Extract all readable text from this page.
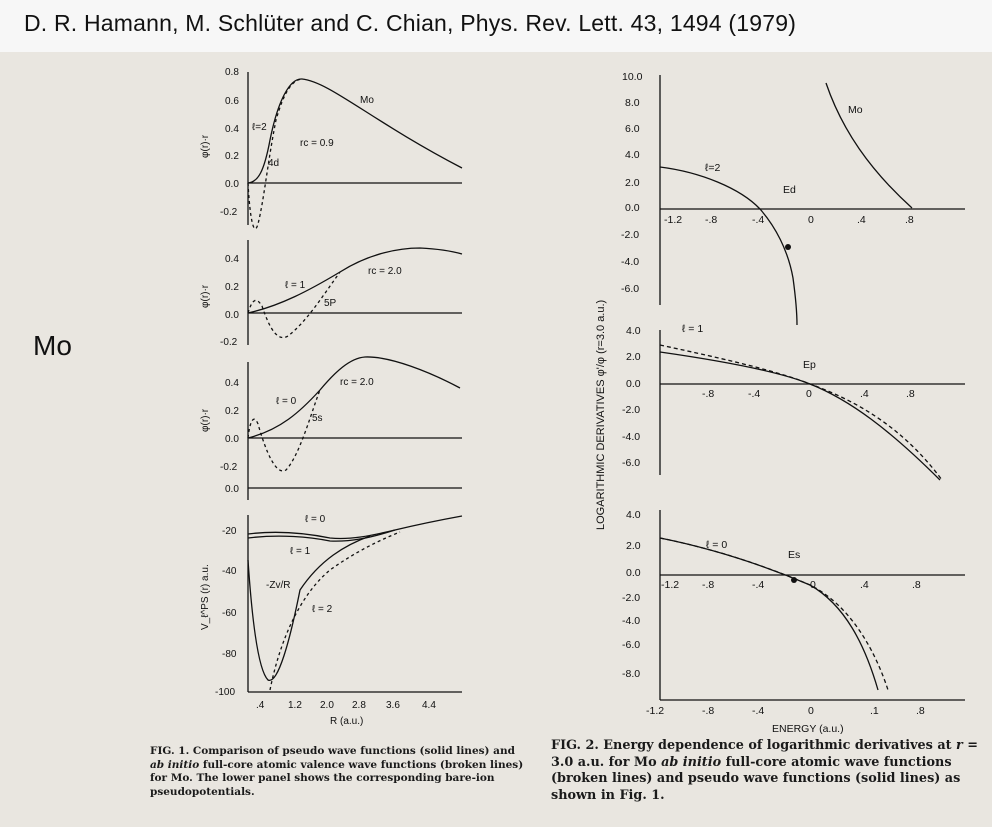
D. R. Hamann, M. Schlüter and C. Chian, Phys. Rev. Lett. 43, 1494 (1979)
Mo
0.8
0.6
0.4
0.2
0.0
-0.2
0.4
0.2
0.0
-0.2
0.4
0.2
0.0
-0.2
0.0
-20
-40
-60
-80
-100
.4 1.2 2.0 2.8 3.6 4.4
R (a.u.)
Mo
ℓ=2
rc = 0.9
4d
ℓ = 1
rc = 2.0
5P
ℓ = 0
rc = 2.0
5s
ℓ = 0
ℓ = 1
ℓ = 2
-Zv/R
φ(r)·r
φ(r)·r
φ(r)·r
V_ℓ^PS (r) a.u.
10.0
8.0
6.0
4.0
2.0
0.0
-2.0
-4.0
-6.0
-1.2 -.8	-.4	0	.4	.8
Mo
ℓ=2
Ed
4.0
2.0
0.0
-2.0
-4.0
-6.0
-.8	-.4	0	.4	.8
ℓ = 1
Ep
4.0
2.0
0.0
-2.0
-4.0
-6.0
-8.0
-1.2 -.8	-.4	0	.4	.8
-1.2	-.8	-.4	0	.1	.8
ℓ = 0
Es
ENERGY (a.u.)
LOGARITHMIC DERIVATIVES φ'/φ (r=3.0 a.u.)
FIG. 1. Comparison of pseudo wave functions (solid lines) and ab initio full-core atomic valence wave functions (broken lines) for Mo. The lower panel shows the corresponding bare-ion pseudopotentials.
FIG. 2. Energy dependence of logarithmic derivatives at r = 3.0 a.u. for Mo ab initio full-core atomic wave functions (broken lines) and pseudo wave functions (solid lines) as shown in Fig. 1.
